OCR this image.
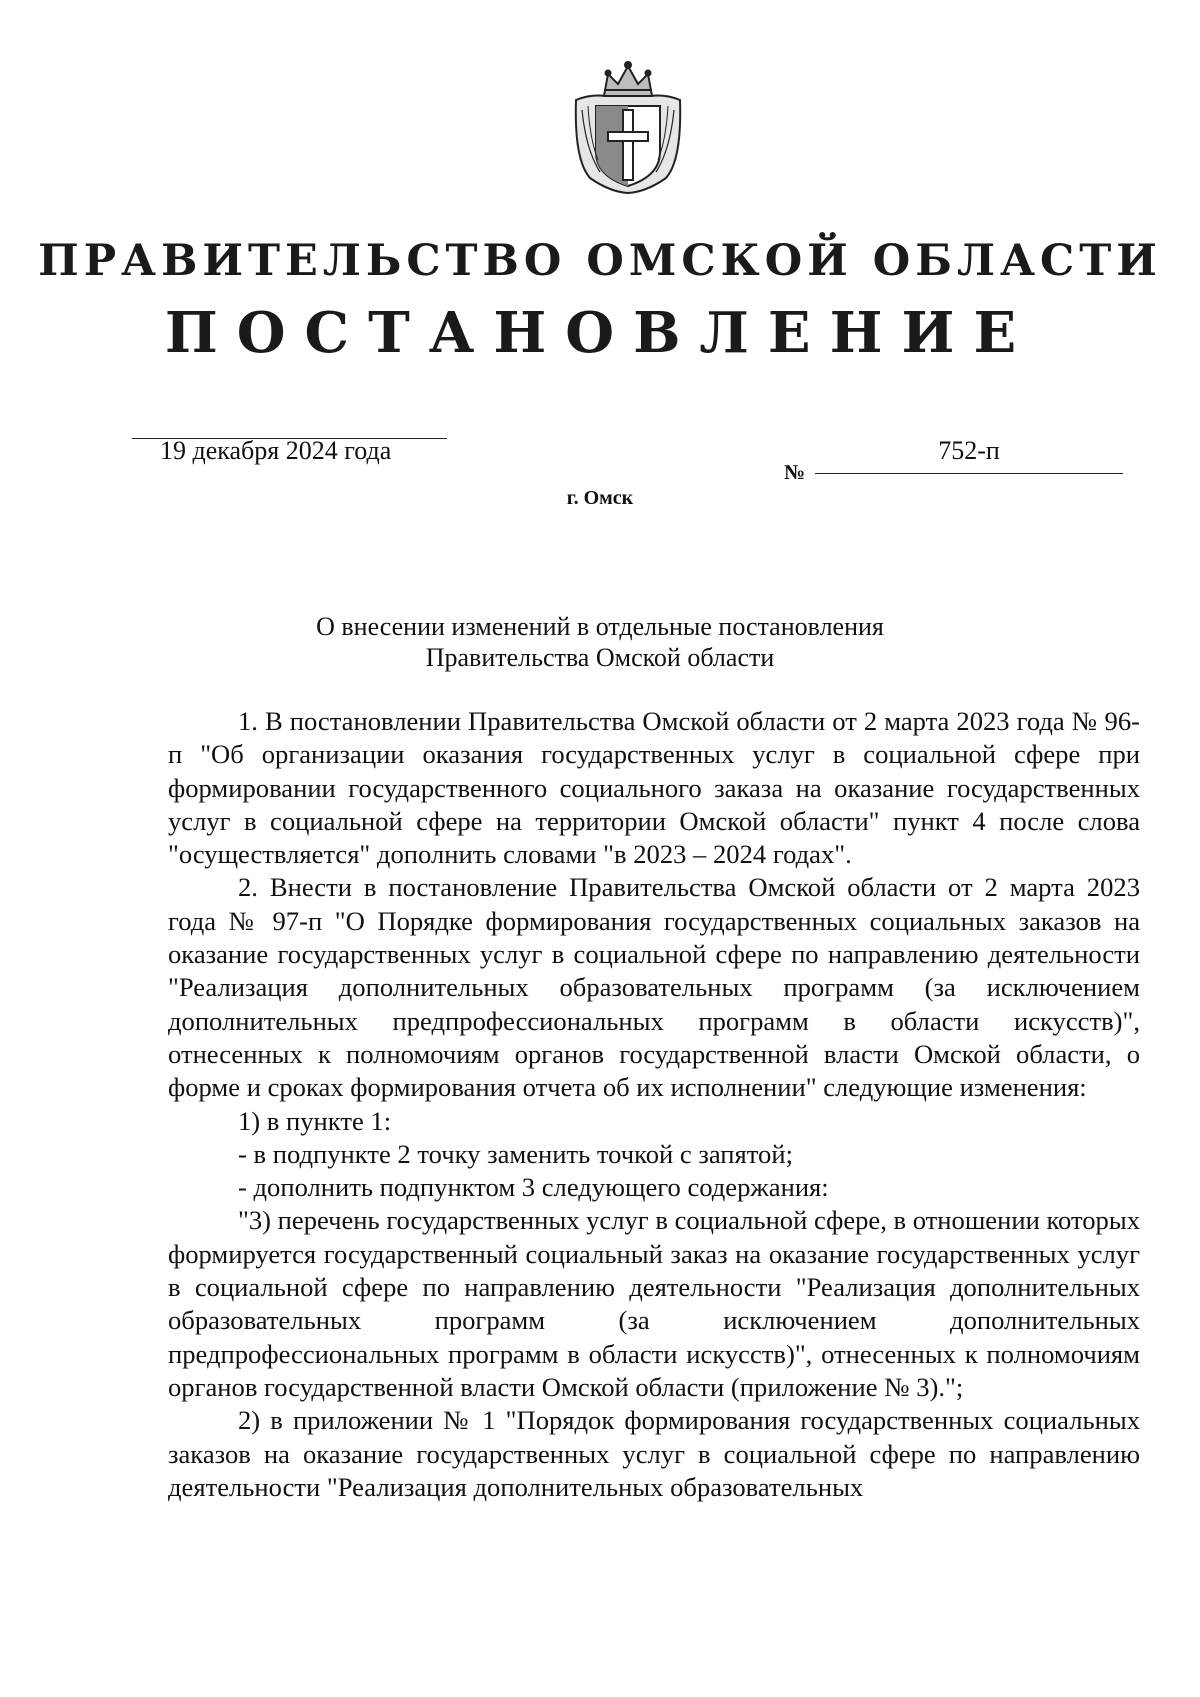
ПРАВИТЕЛЬСТВО ОМСКОЙ ОБЛАСТИ
ПОСТАНОВЛЕНИЕ
19 декабря 2024 года
№
752-п
г. Омск
О внесении изменений в отдельные постановления
Правительства Омской области

1. В постановлении Правительства Омской области от 2 марта 2023 года № 96-п "Об организации оказания государственных услуг в социальной сфере при формировании государственного социального заказа на оказание государственных услуг в социальной сфере на территории Омской области" пункт 4 после слова "осуществляется" дополнить словами "в 2023 – 2024 годах".

2. Внести в постановление Правительства Омской области от 2 марта 2023 года № 97-п "О Порядке формирования государственных социальных заказов на оказание государственных услуг в социальной сфере по направлению деятельности "Реализация дополнительных образовательных программ (за исключением дополнительных предпрофессиональных программ в области искусств)", отнесенных к полномочиям органов государственной власти Омской области, о форме и сроках формирования отчета об их исполнении" следующие изменения:

1) в пункте 1:

- в подпункте 2 точку заменить точкой с запятой;

- дополнить подпунктом 3 следующего содержания:

"3) перечень государственных услуг в социальной сфере, в отношении которых формируется государственный социальный заказ на оказание государственных услуг в социальной сфере по направлению деятельности "Реализация дополнительных образовательных программ (за исключением дополнительных предпрофессиональных программ в области искусств)", отнесенных к полномочиям органов государственной власти Омской области (приложение № 3).";

2) в приложении № 1 "Порядок формирования государственных социальных заказов на оказание государственных услуг в социальной сфере по направлению деятельности "Реализация дополнительных образовательных
